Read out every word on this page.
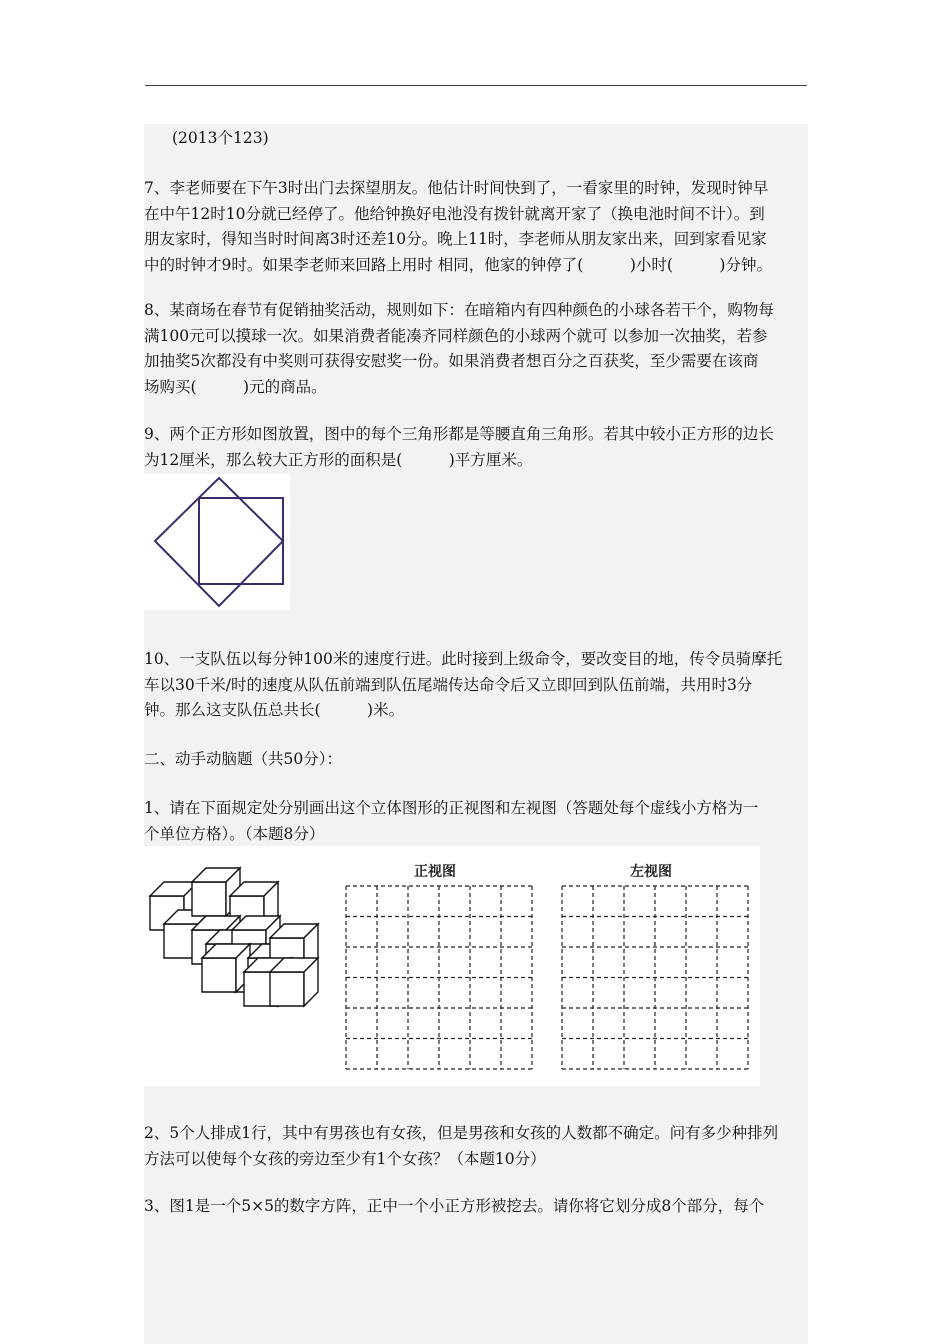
(2013个123)
7、李老师要在下午3时出门去探望朋友。他估计时间快到了，一看家里的时钟，发现时钟早
在中午12时10分就已经停了。他给钟换好电池没有拨针就离开家了（换电池时间不计）。到
朋友家时，得知当时时间离3时还差10分。晚上11时，李老师从朋友家出来，回到家看见家
中的时钟才9时。如果李老师来回路上用时 相同，他家的钟停了(　　　)小时(　　　)分钟。
8、某商场在春节有促销抽奖活动，规则如下：在暗箱内有四种颜色的小球各若干个，购物每
满100元可以摸球一次。如果消费者能凑齐同样颜色的小球两个就可 以参加一次抽奖，若参
加抽奖5次都没有中奖则可获得安慰奖一份。如果消费者想百分之百获奖，至少需要在该商
场购买(　　　)元的商品。
9、两个正方形如图放置，图中的每个三角形都是等腰直角三角形。若其中较小正方形的边长
为12厘米，那么较大正方形的面积是(　　　)平方厘米。
10、一支队伍以每分钟100米的速度行进。此时接到上级命令，要改变目的地，传令员骑摩托
车以30千米/时的速度从队伍前端到队伍尾端传达命令后又立即回到队伍前端，共用时3分
钟。那么这支队伍总共长(　　　)米。
二、动手动脑题（共50分）：
1、请在下面规定处分别画出这个立体图形的正视图和左视图（答题处每个虚线小方格为一
个单位方格）。（本题8分）
正视图	左视图
2、5个人排成1行，其中有男孩也有女孩，但是男孩和女孩的人数都不确定。问有多少种排列
方法可以使每个女孩的旁边至少有1个女孩？（本题10分）
3、图1是一个5×5的数字方阵，正中一个小正方形被挖去。请你将它划分成8个部分，每个
